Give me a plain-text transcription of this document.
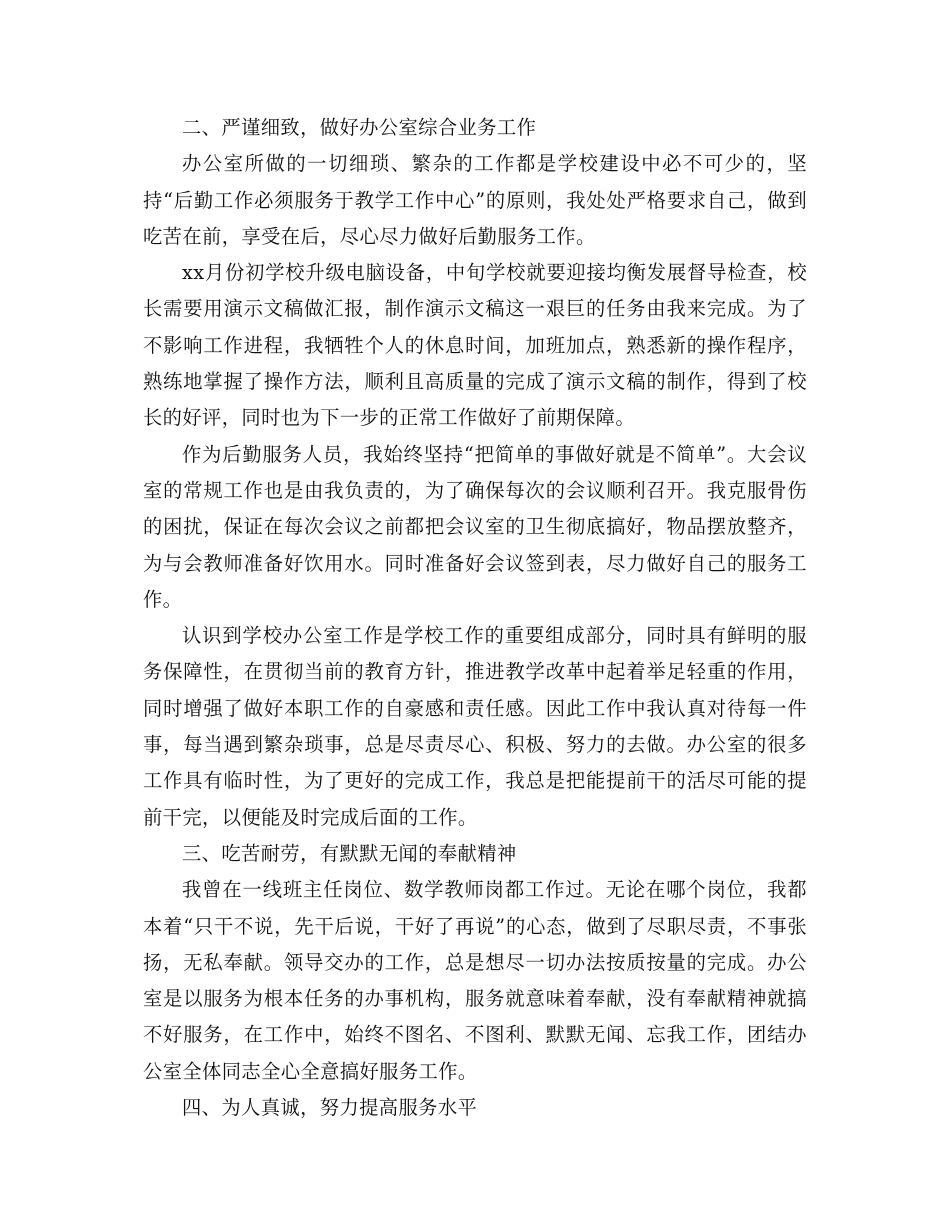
二、严谨细致，做好办公室综合业务工作

办公室所做的一切细琐、繁杂的工作都是学校建设中必不可少的，坚持“后勤工作必须服务于教学工作中心”的原则，我处处严格要求自己，做到吃苦在前，享受在后，尽心尽力做好后勤服务工作。

xx月份初学校升级电脑设备，中旬学校就要迎接均衡发展督导检查，校长需要用演示文稿做汇报，制作演示文稿这一艰巨的任务由我来完成。为了不影响工作进程，我牺牲个人的休息时间，加班加点，熟悉新的操作程序，熟练地掌握了操作方法，顺利且高质量的完成了演示文稿的制作，得到了校长的好评，同时也为下一步的正常工作做好了前期保障。

作为后勤服务人员，我始终坚持“把简单的事做好就是不简单”。大会议室的常规工作也是由我负责的，为了确保每次的会议顺利召开。我克服骨伤的困扰，保证在每次会议之前都把会议室的卫生彻底搞好，物品摆放整齐，为与会教师准备好饮用水。同时准备好会议签到表，尽力做好自己的服务工作。

认识到学校办公室工作是学校工作的重要组成部分，同时具有鲜明的服务保障性，在贯彻当前的教育方针，推进教学改革中起着举足轻重的作用，同时增强了做好本职工作的自豪感和责任感。因此工作中我认真对待每一件事，每当遇到繁杂琐事，总是尽责尽心、积极、努力的去做。办公室的很多工作具有临时性，为了更好的完成工作，我总是把能提前干的活尽可能的提前干完，以便能及时完成后面的工作。

三、吃苦耐劳，有默默无闻的奉献精神

我曾在一线班主任岗位、数学教师岗都工作过。无论在哪个岗位，我都本着“只干不说，先干后说，干好了再说”的心态，做到了尽职尽责，不事张扬，无私奉献。领导交办的工作，总是想尽一切办法按质按量的完成。办公室是以服务为根本任务的办事机构，服务就意味着奉献，没有奉献精神就搞不好服务，在工作中，始终不图名、不图利、默默无闻、忘我工作，团结办公室全体同志全心全意搞好服务工作。

四、为人真诚，努力提高服务水平
